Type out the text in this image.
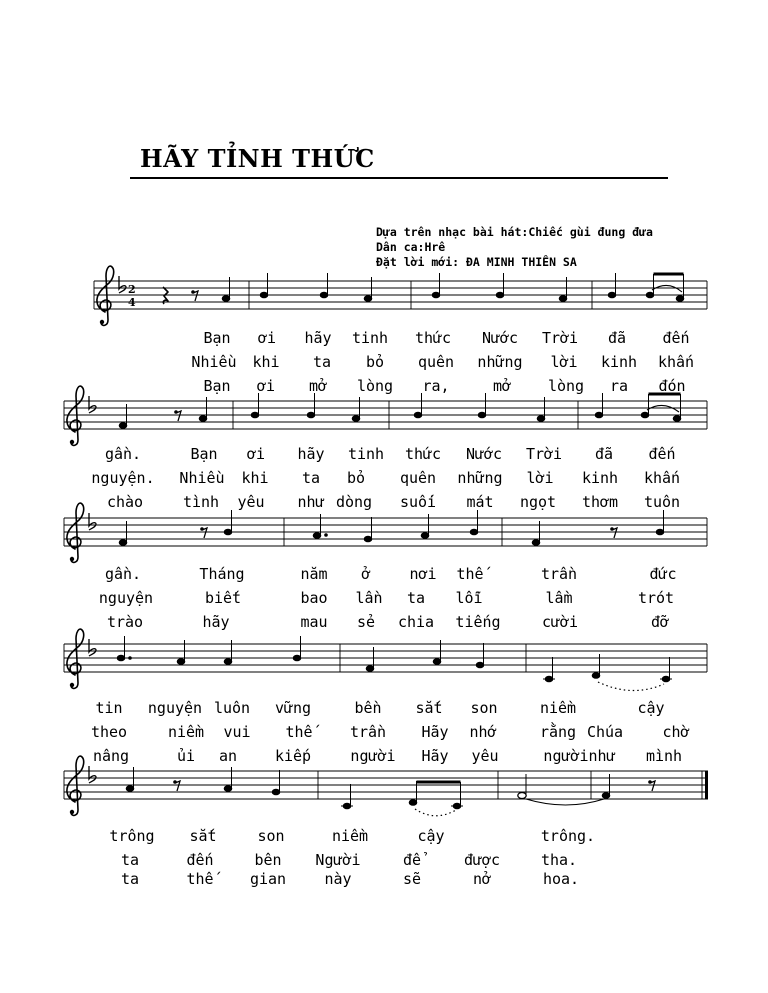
HÃY TỈNH THỨC
Dựa trên nhạc bài hát:Chiếc gùi đung đưa
Dân ca:Hrê
Đặt lời mới: ĐA MINH THIÊN SA
2
4
Bạn ơi hãy tinh thức Nước Trời đã đến
Nhiều khi ta bỏ quên những lời kinh khấn
Bạn ơi mở lòng ra,	mở lòng ra đón
gần.	Bạn ơi hãy tinh thức Nước Trời đã đến
nguyện. Nhiều khi ta bỏ quên những lời kinh khấn
chào	tình yêu như dòng suối mát ngọt thơm tuôn
gần.	Tháng	năm ở	nơi thế	trần	đức
nguyện	biết	bao lần ta lỗi	lầm	trót
trào	hãy	mau sẻ chia tiếng	cười	đỡ
tin nguyện luôn vững	bền sắt son	niềm	cậy
theo	niềm vui thế trần Hãy nhớ	rằng Chúa	chờ
nâng	ủi an	kiếp	người Hãy yêu	người như mình
trông sắt	son	niềm	cậy	trông.
ta	đến	bên Người	để	được	tha.
ta	thế gian	này	sẽ	nở	hoa.
